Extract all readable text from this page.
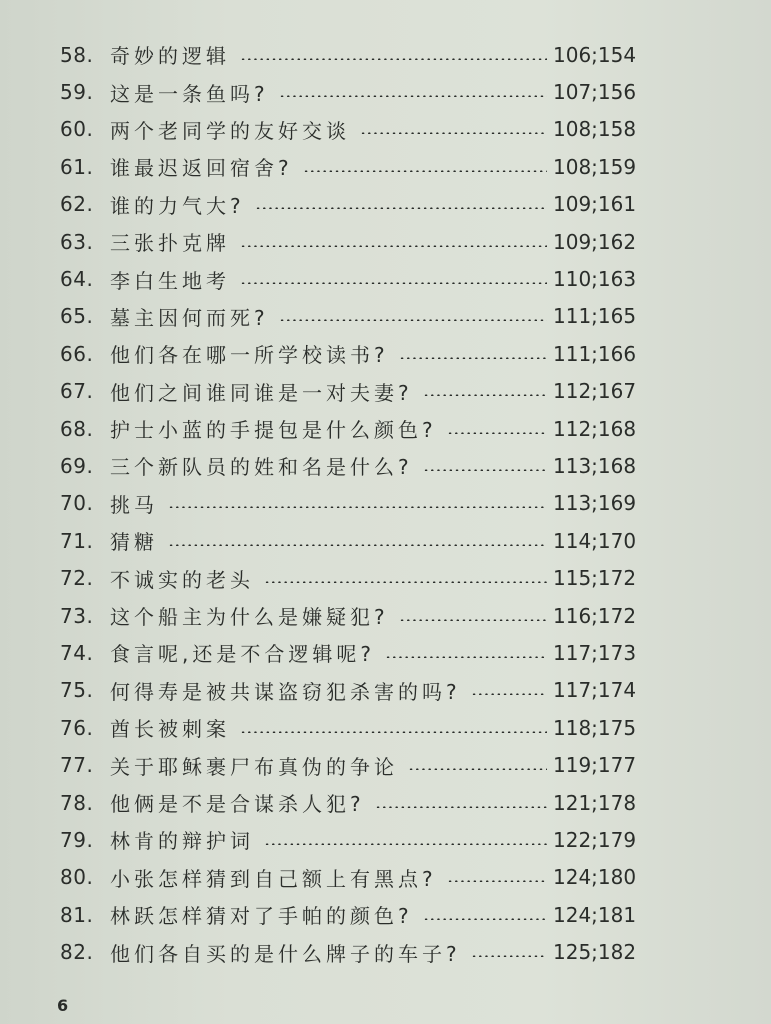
58. 奇妙的逻辑	106;154
59. 这是一条鱼吗?	107;156
60. 两个老同学的友好交谈	108;158
61. 谁最迟返回宿舍?	108;159
62. 谁的力气大?	109;161
63. 三张扑克牌	109;162
64. 李白生地考	110;163
65. 墓主因何而死?	111;165
66. 他们各在哪一所学校读书?	111;166
67. 他们之间谁同谁是一对夫妻?	112;167
68. 护士小蓝的手提包是什么颜色?	112;168
69. 三个新队员的姓和名是什么?	113;168
70. 挑马	113;169
71. 猜糖	114;170
72. 不诚实的老头	115;172
73. 这个船主为什么是嫌疑犯?	116;172
74. 食言呢,还是不合逻辑呢?	117;173
75. 何得寿是被共谋盗窃犯杀害的吗?	117;174
76. 酋长被刺案	118;175
77. 关于耶稣裹尸布真伪的争论	119;177
78. 他俩是不是合谋杀人犯?	121;178
79. 林肯的辩护词	122;179
80. 小张怎样猜到自己额上有黑点?	124;180
81. 林跃怎样猜对了手帕的颜色?	124;181
82. 他们各自买的是什么牌子的车子?	125;182
6
